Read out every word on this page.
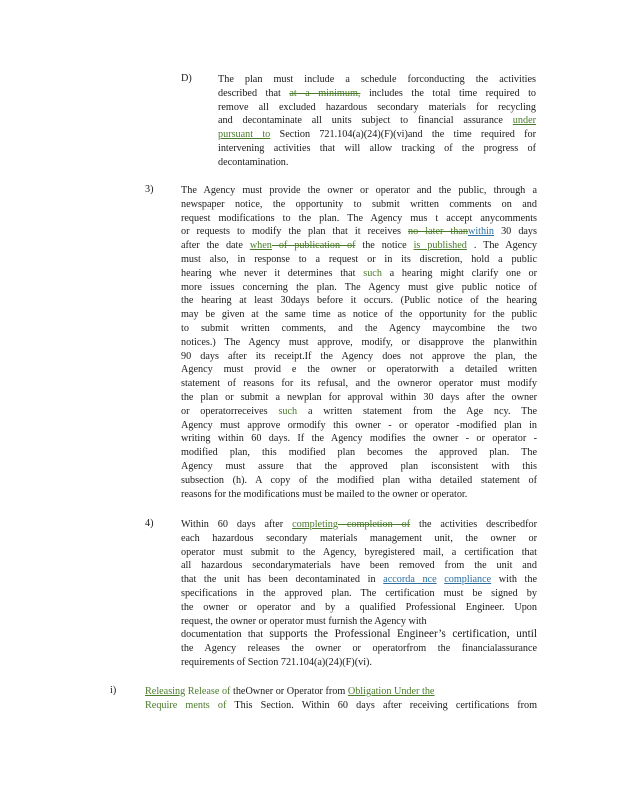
D)	The plan must include a schedule forconducting the activities
described that at a minimum, includes the total time required to
remove all excluded hazardous secondary materials for recycling
and decontaminate all units subject to financial assurance under
pursuant to Section 721.104(a)(24)(F)(vi)and the time required for
intervening activities that will allow tracking of the progress of
decontamination.
3)	The Agency must provide the owner or operator and the public, through a
newspaper notice, the opportunity to submit written comments on and
request modifications to the plan. The Agency mus t accept anycomments
or requests to modify the plan that it receives no later thanwithin 30 days
after the date when of publication of the notice is published . The Agency
must also, in response to a request or in its discretion, hold a public
hearing whe never it determines that such a hearing might clarify one or
more issues concerning the plan. The Agency must give public notice of
the hearing at least 30days before it occurs. (Public notice of the hearing
may be given at the same time as notice of the opportunity for the public
to submit written comments, and the Agency maycombine the two
notices.) The Agency must approve, modify, or disapprove the planwithin
90 days after its receipt.If the Agency does not approve the plan, the
Agency must provid e the owner or operatorwith a detailed written
statement of reasons for its refusal, and the owneror operator must modify
the plan or submit a newplan for approval within 30 days after the owner
or operatorreceives such a written statement from the Age ncy. The
Agency must approve ormodify this owner - or operator -modified plan in
writing within 60 days. If the Agency modifies the owner - or operator -
modified plan, this modified plan becomes the approved plan. The
Agency must assure that the approved plan isconsistent with this
subsection (h). A copy of the modified plan witha detailed statement of
reasons for the modifications must be mailed to the owner or operator.
4)	Within 60 days after completing completion of the activities describedfor
each hazardous secondary materials management unit, the owner or
operator must submit to the Agency, byregistered mail, a certification that
all hazardous secondarymaterials have been removed from the unit and
that the unit has been decontaminated in accorda nce compliance with the
specifications in the approved plan. The certification must be signed by
the owner or operator and by a qualified Professional Engineer. Upon
request, the owner or operator must furnish the Agency with
documentation that supports the Professional Engineer’s certification, until
the Agency releases the owner or operatorfrom the financialassurance
requirements of Section 721.104(a)(24)(F)(vi).
i)	Releasing Release of theOwner or Operator from Obligation Under the
Require ments of This Section. Within 60 days after receiving certifications from
